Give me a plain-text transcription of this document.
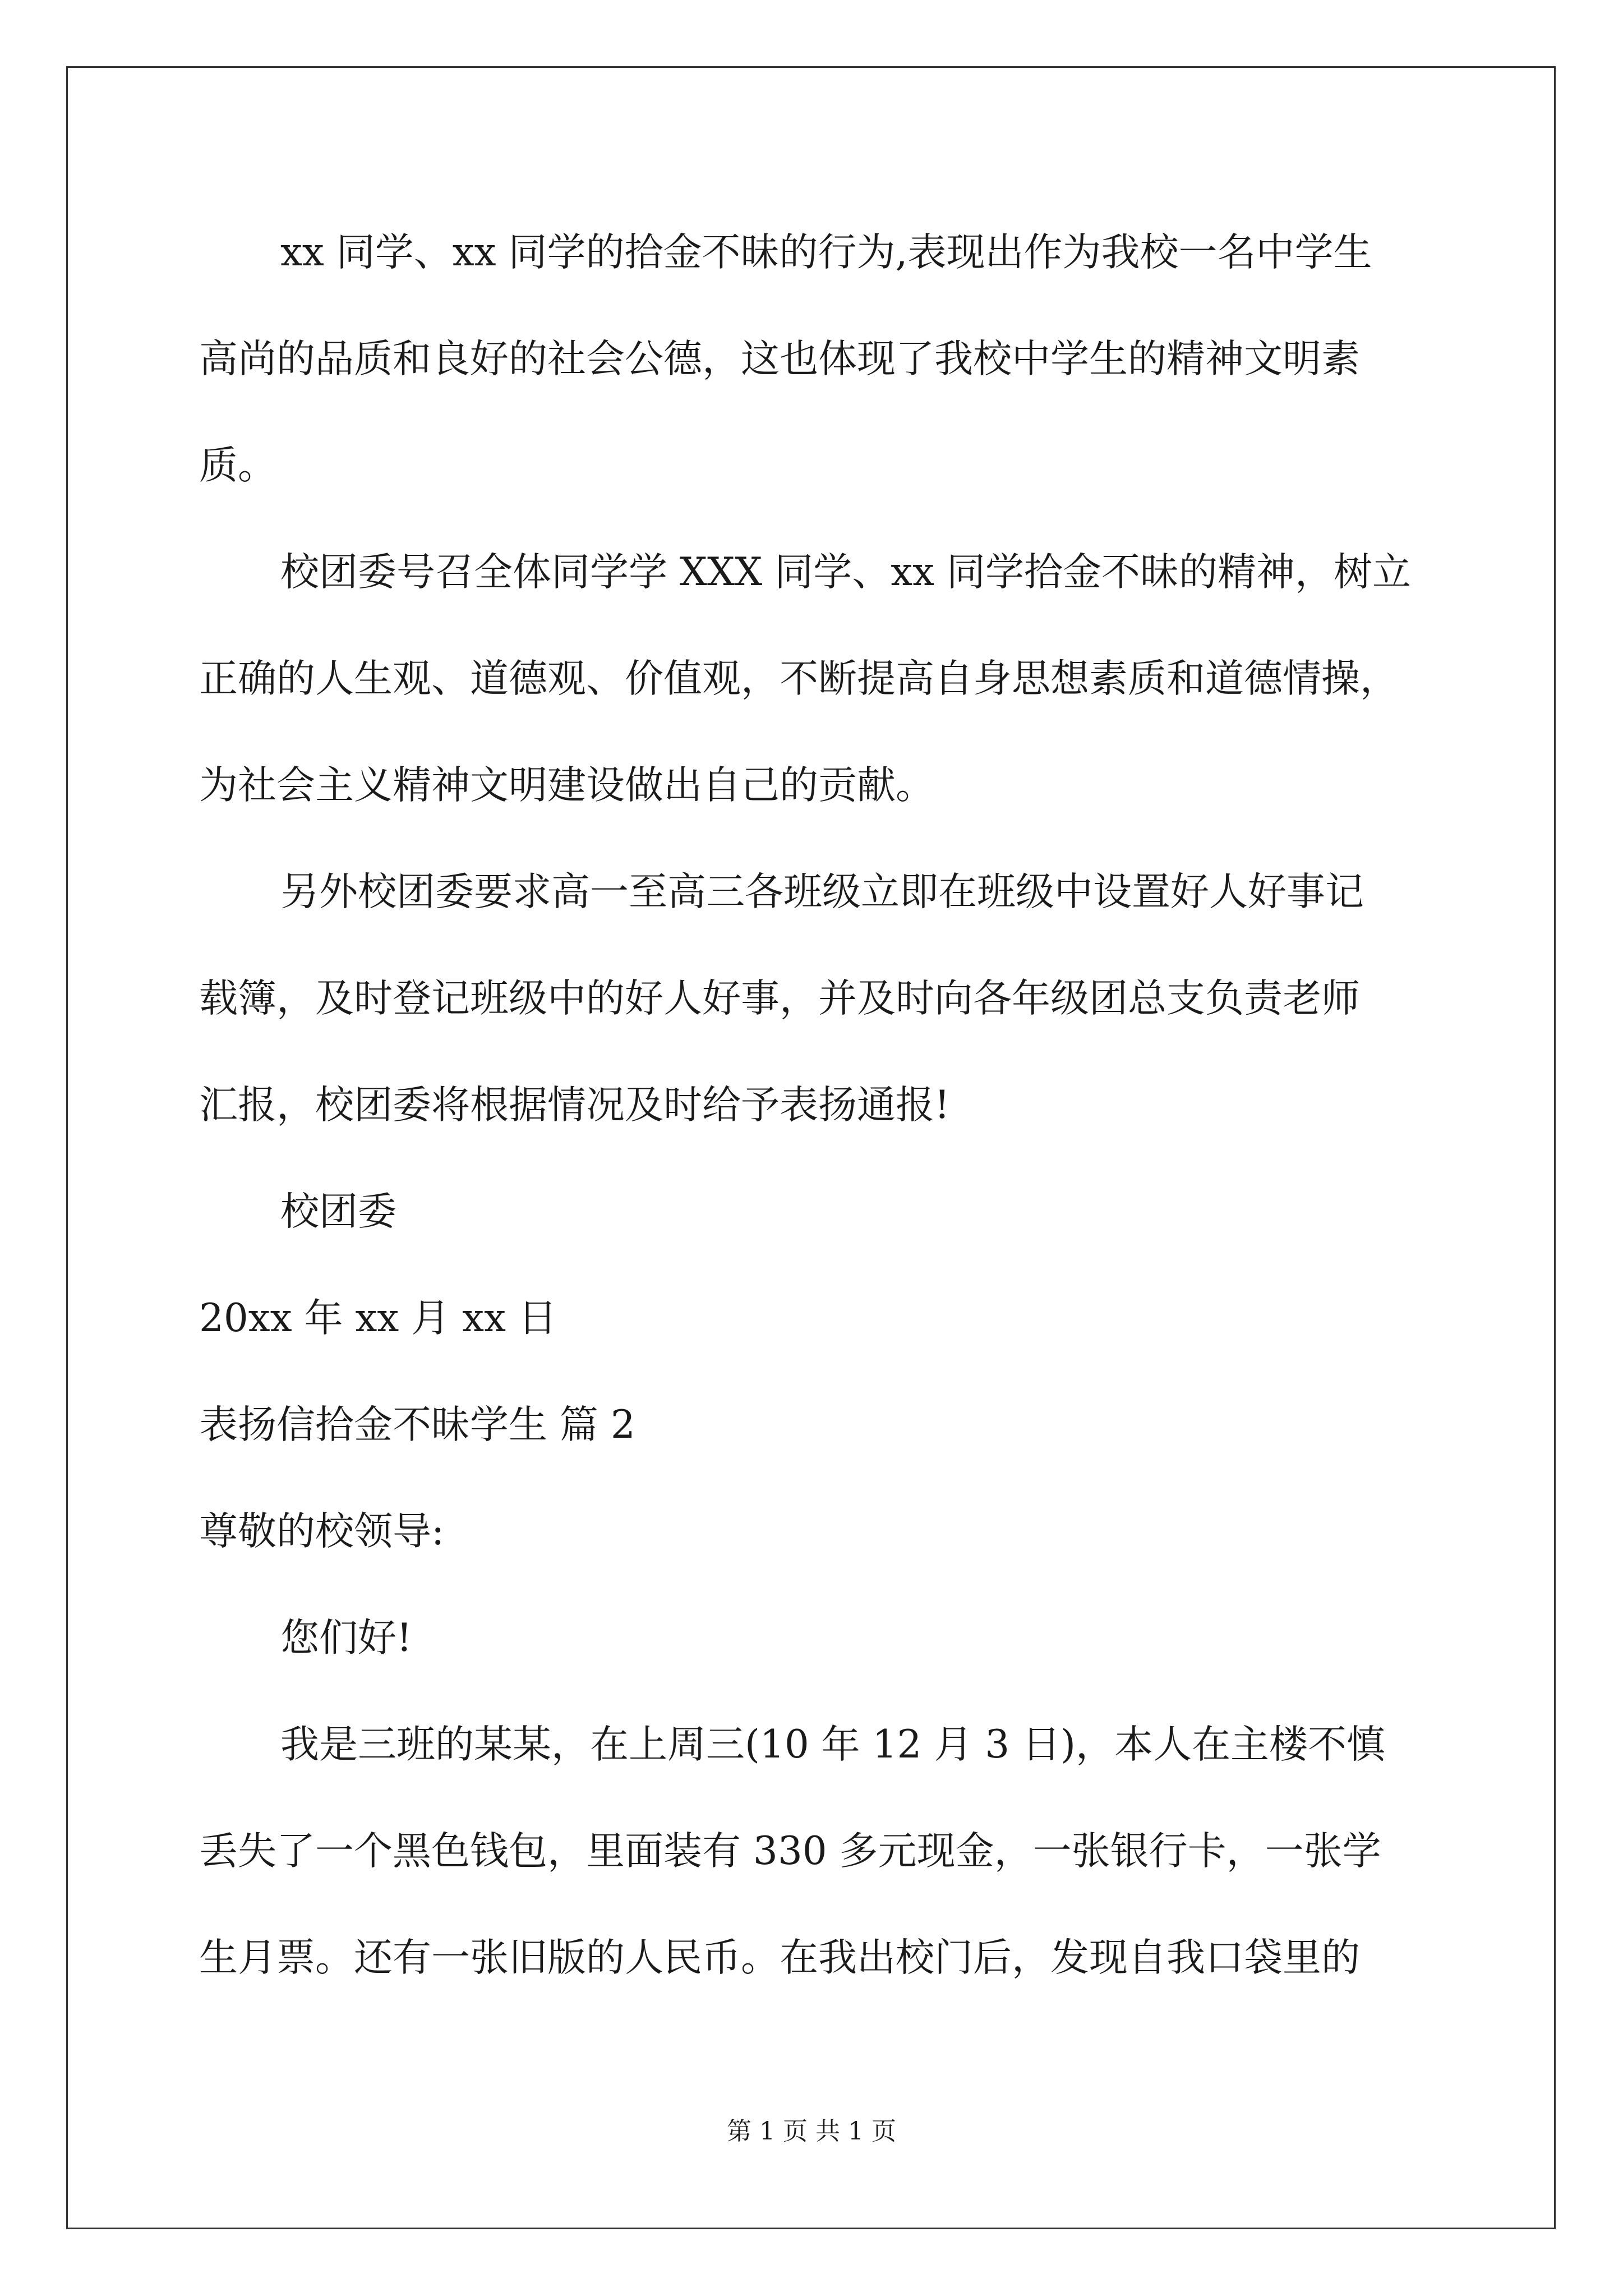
xx 同学、xx 同学的拾金不昧的行为,表现出作为我校一名中学生
高尚的品质和良好的社会公德，这也体现了我校中学生的精神文明素
质。
校团委号召全体同学学 XXX 同学、xx 同学拾金不昧的精神，树立
正确的人生观、道德观、价值观，不断提高自身思想素质和道德情操，
为社会主义精神文明建设做出自己的贡献。
另外校团委要求高一至高三各班级立即在班级中设置好人好事记
载簿，及时登记班级中的好人好事，并及时向各年级团总支负责老师
汇报，校团委将根据情况及时给予表扬通报!
校团委
20xx 年 xx 月 xx 日
表扬信拾金不昧学生 篇 2
尊敬的校领导:
您们好!
我是三班的某某，在上周三(10 年 12 月 3 日)，本人在主楼不慎
丢失了一个黑色钱包，里面装有 330 多元现金，一张银行卡，一张学
生月票。还有一张旧版的人民币。在我出校门后，发现自我口袋里的
第 1 页 共 1 页
